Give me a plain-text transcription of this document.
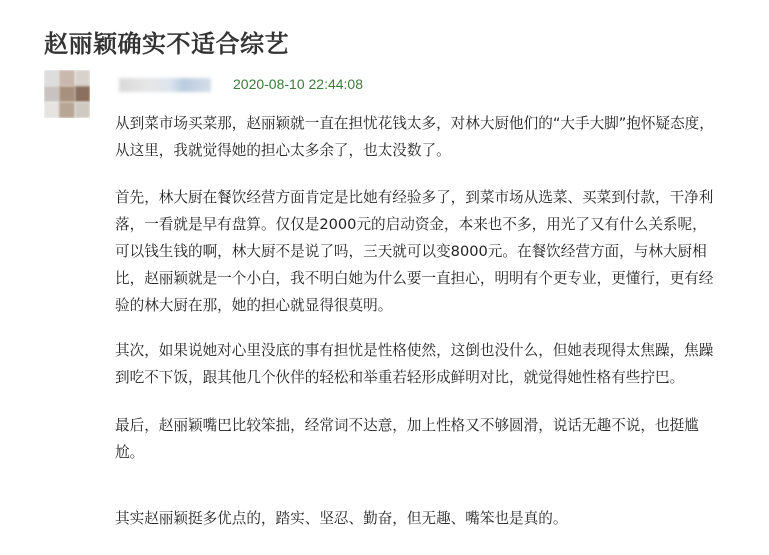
赵丽颖确实不适合综艺
2020-08-10 22:44:08

从到菜市场买菜那，赵丽颖就一直在担忧花钱太多，对林大厨他们的“大手大脚”抱怀疑态度，从这里，我就觉得她的担心太多余了，也太没数了。

首先，林大厨在餐饮经营方面肯定是比她有经验多了，到菜市场从选菜、买菜到付款，干净利落，一看就是早有盘算。仅仅是2000元的启动资金，本来也不多，用光了又有什么关系呢，可以钱生钱的啊，林大厨不是说了吗，三天就可以变8000元。在餐饮经营方面，与林大厨相比，赵丽颖就是一个小白，我不明白她为什么要一直担心，明明有个更专业，更懂行，更有经验的林大厨在那，她的担心就显得很莫明。

其次，如果说她对心里没底的事有担忧是性格使然，这倒也没什么，但她表现得太焦躁，焦躁到吃不下饭，跟其他几个伙伴的轻松和举重若轻形成鲜明对比，就觉得她性格有些拧巴。

最后，赵丽颖嘴巴比较笨拙，经常词不达意，加上性格又不够圆滑，说话无趣不说，也挺尴尬。

其实赵丽颖挺多优点的，踏实、坚忍、勤奋，但无趣、嘴笨也是真的。
